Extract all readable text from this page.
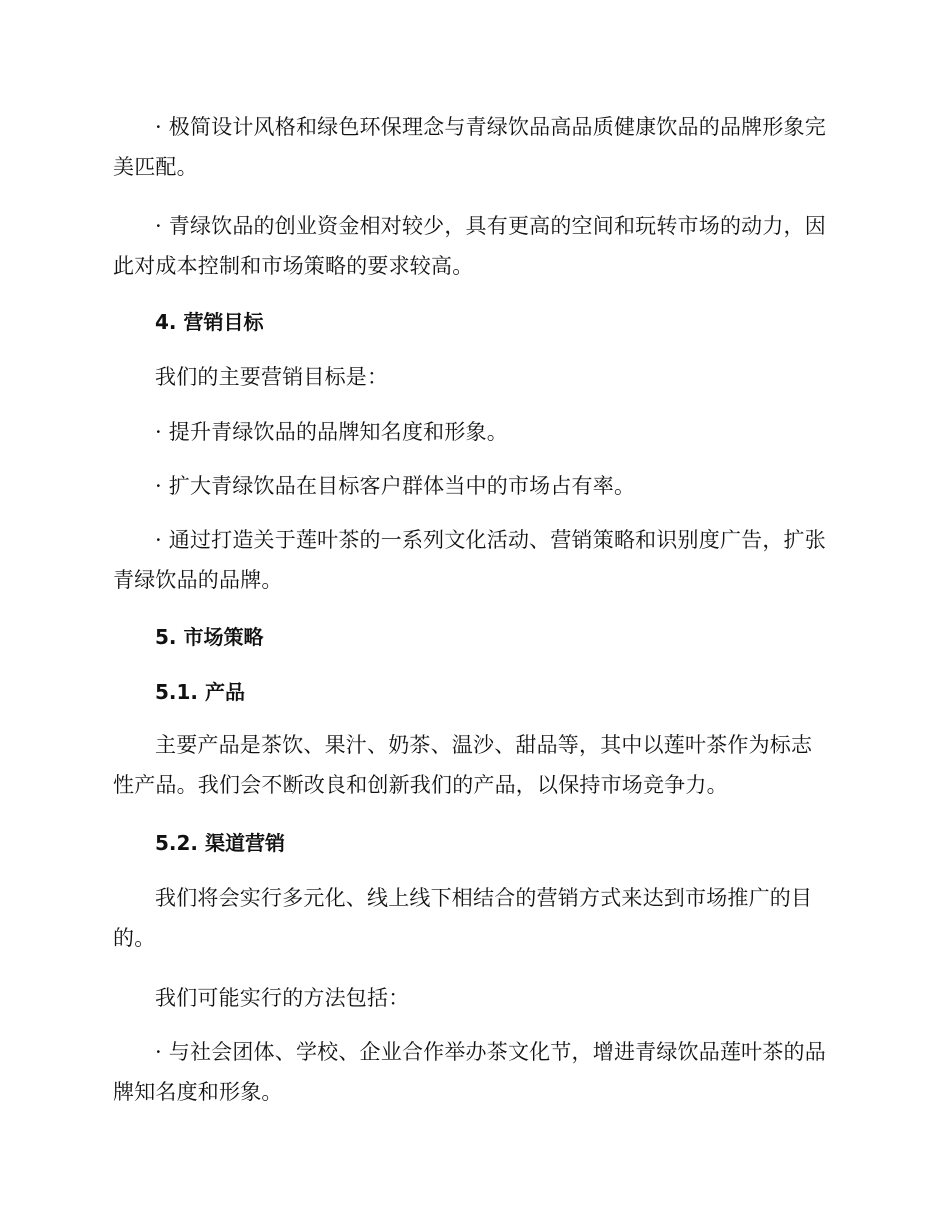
· 极简设计风格和绿色环保理念与青绿饮品高品质健康饮品的品牌形象完美匹配。

· 青绿饮品的创业资金相对较少，具有更高的空间和玩转市场的动力，因此对成本控制和市场策略的要求较高。

4. 营销目标

我们的主要营销目标是：

· 提升青绿饮品的品牌知名度和形象。

· 扩大青绿饮品在目标客户群体当中的市场占有率。

· 通过打造关于莲叶茶的一系列文化活动、营销策略和识别度广告，扩张青绿饮品的品牌。

5. 市场策略
5.1. 产品

主要产品是茶饮、果汁、奶茶、温沙、甜品等，其中以莲叶茶作为标志性产品。我们会不断改良和创新我们的产品，以保持市场竞争力。

5.2. 渠道营销

我们将会实行多元化、线上线下相结合的营销方式来达到市场推广的目的。

我们可能实行的方法包括：

· 与社会团体、学校、企业合作举办茶文化节，增进青绿饮品莲叶茶的品牌知名度和形象。
